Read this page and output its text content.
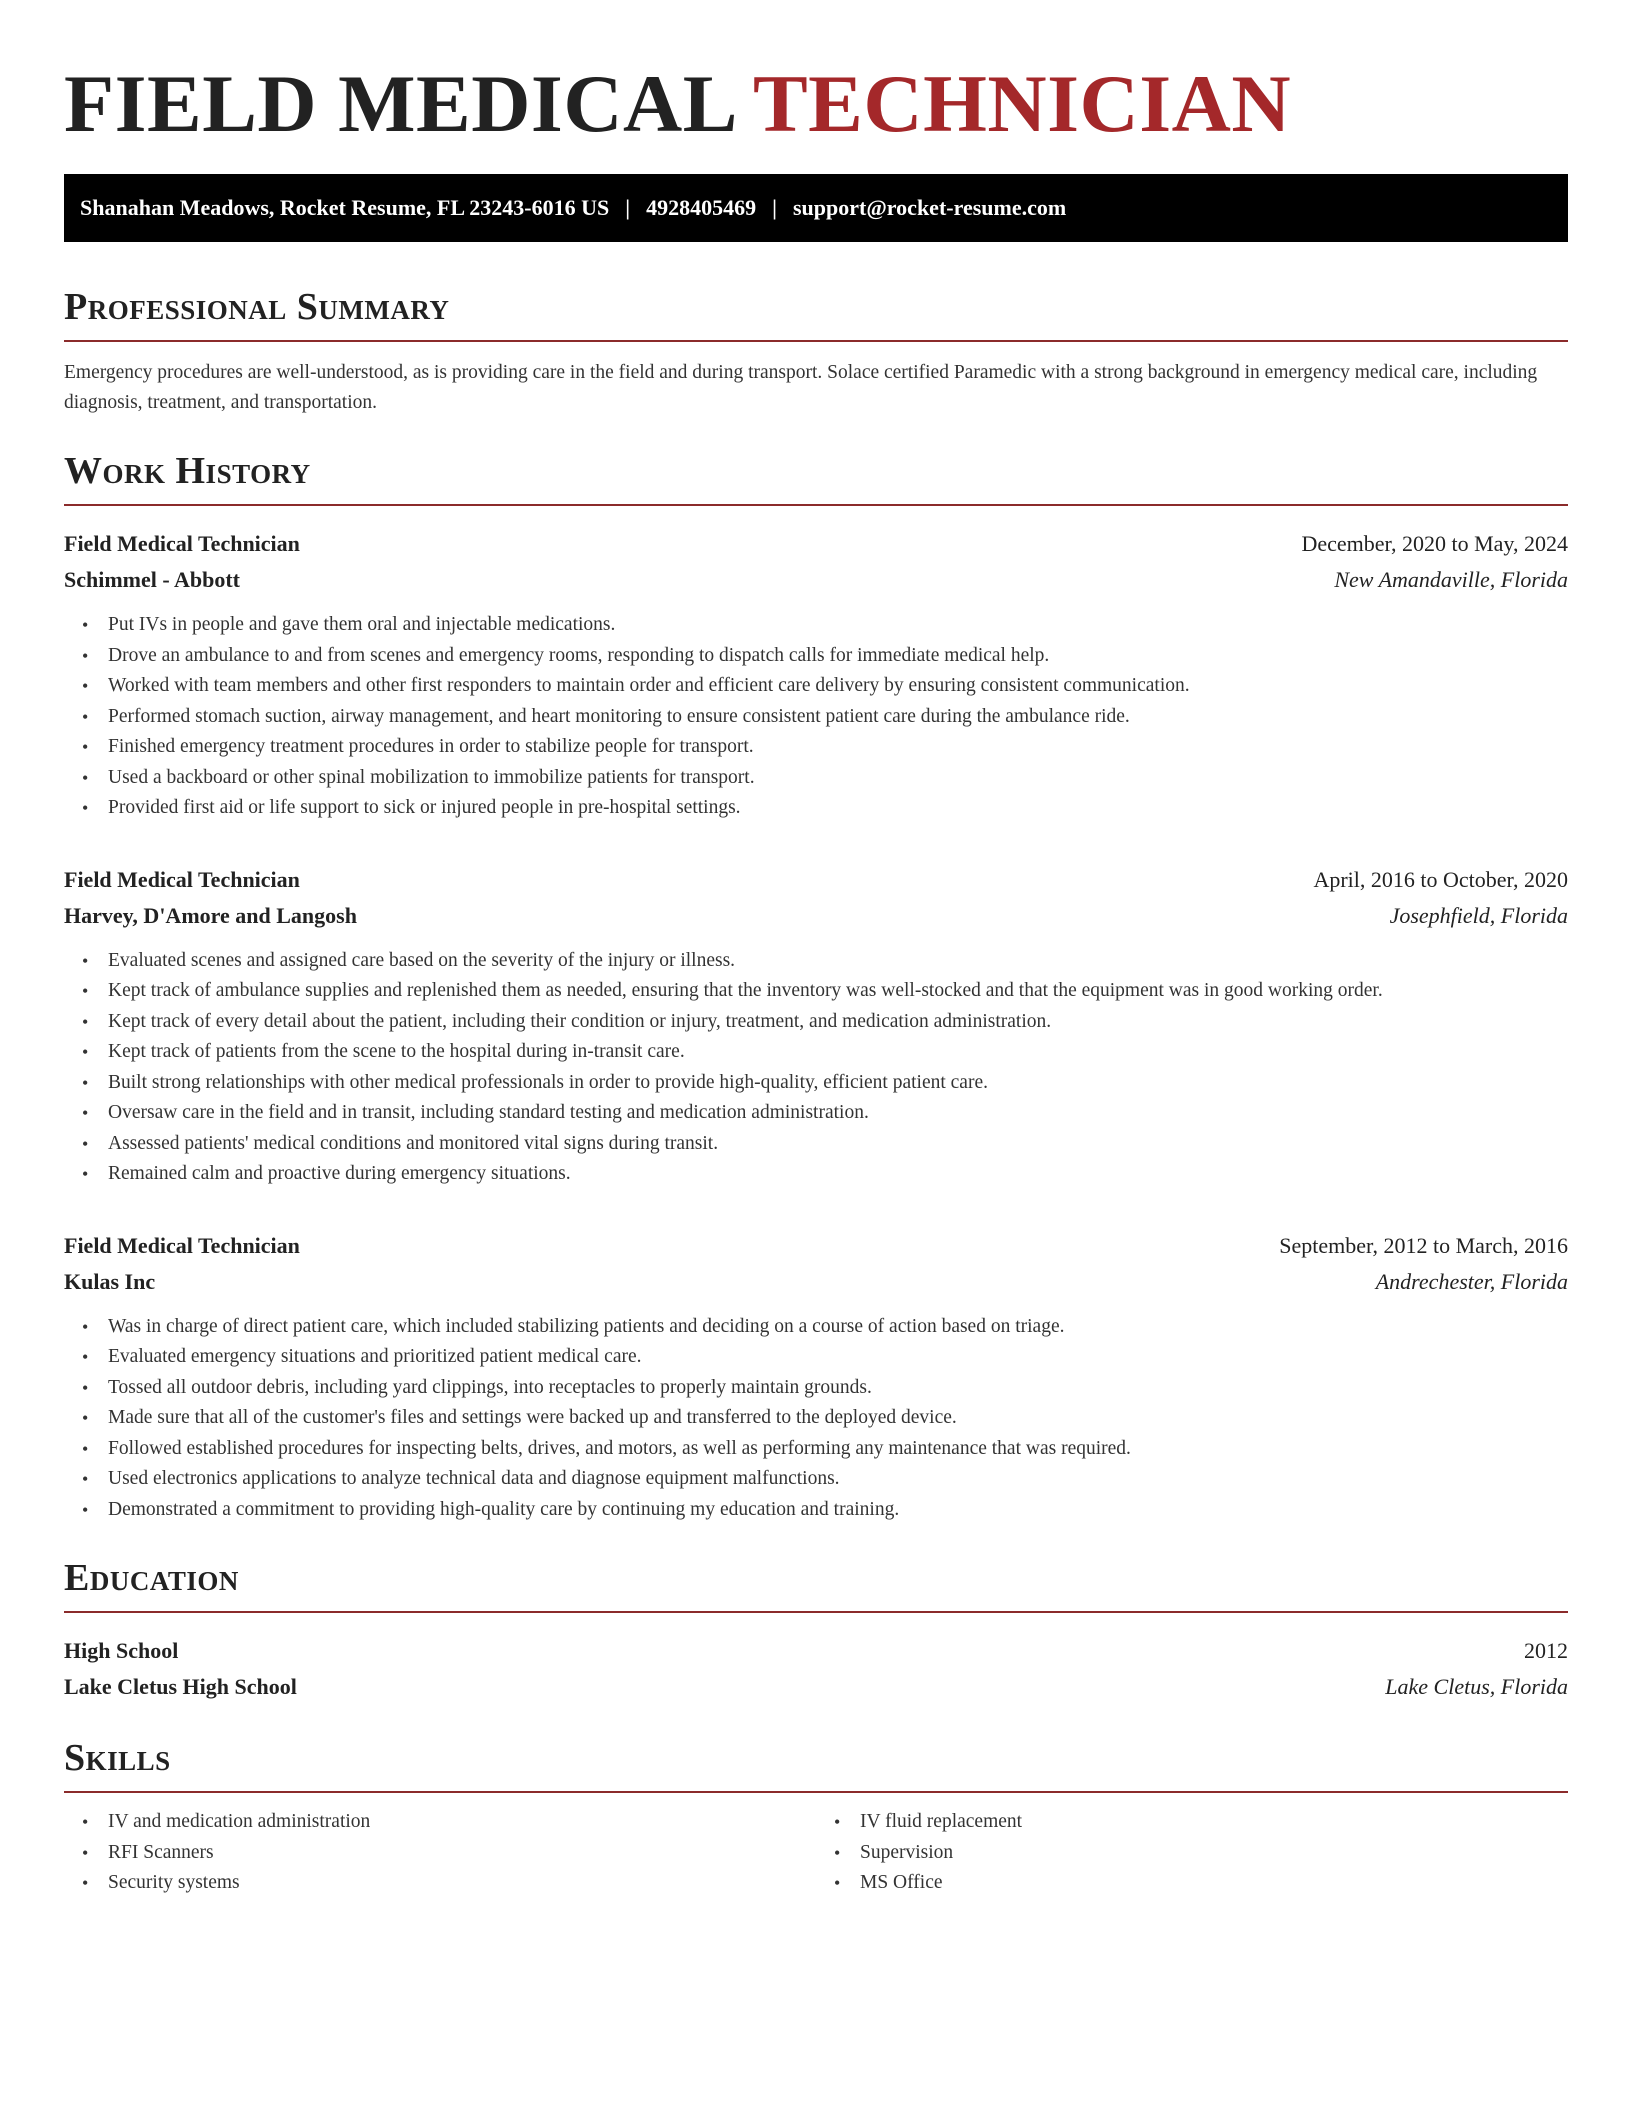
FIELD MEDICAL TECHNICIAN
Shanahan Meadows, Rocket Resume, FL 23243-6016 US | 4928405469 | support@rocket-resume.com
Professional Summary

Emergency procedures are well-understood, as is providing care in the field and during transport. Solace certified Paramedic with a strong background in emergency medical care, including diagnosis, treatment, and transportation.

Work History
Field Medical Technician	December, 2020 to May, 2024
Schimmel - Abbott	New Amandaville, Florida
• Put IVs in people and gave them oral and injectable medications.
• Drove an ambulance to and from scenes and emergency rooms, responding to dispatch calls for immediate medical help.
• Worked with team members and other first responders to maintain order and efficient care delivery by ensuring consistent communication.
• Performed stomach suction, airway management, and heart monitoring to ensure consistent patient care during the ambulance ride.
• Finished emergency treatment procedures in order to stabilize people for transport.
• Used a backboard or other spinal mobilization to immobilize patients for transport.
• Provided first aid or life support to sick or injured people in pre-hospital settings.
Field Medical Technician	April, 2016 to October, 2020
Harvey, D'Amore and Langosh	Josephfield, Florida
• Evaluated scenes and assigned care based on the severity of the injury or illness.
• Kept track of ambulance supplies and replenished them as needed, ensuring that the inventory was well-stocked and that the equipment was in good working order.
• Kept track of every detail about the patient, including their condition or injury, treatment, and medication administration.
• Kept track of patients from the scene to the hospital during in-transit care.
• Built strong relationships with other medical professionals in order to provide high-quality, efficient patient care.
• Oversaw care in the field and in transit, including standard testing and medication administration.
• Assessed patients' medical conditions and monitored vital signs during transit.
• Remained calm and proactive during emergency situations.
Field Medical Technician	September, 2012 to March, 2016
Kulas Inc	Andrechester, Florida
• Was in charge of direct patient care, which included stabilizing patients and deciding on a course of action based on triage.
• Evaluated emergency situations and prioritized patient medical care.
• Tossed all outdoor debris, including yard clippings, into receptacles to properly maintain grounds.
• Made sure that all of the customer's files and settings were backed up and transferred to the deployed device.
• Followed established procedures for inspecting belts, drives, and motors, as well as performing any maintenance that was required.
• Used electronics applications to analyze technical data and diagnose equipment malfunctions.
• Demonstrated a commitment to providing high-quality care by continuing my education and training.
Education
High School	2012
Lake Cletus High School	Lake Cletus, Florida
Skills
• IV and medication administration
• RFI Scanners
• Security systems
• IV fluid replacement
• Supervision
• MS Office
